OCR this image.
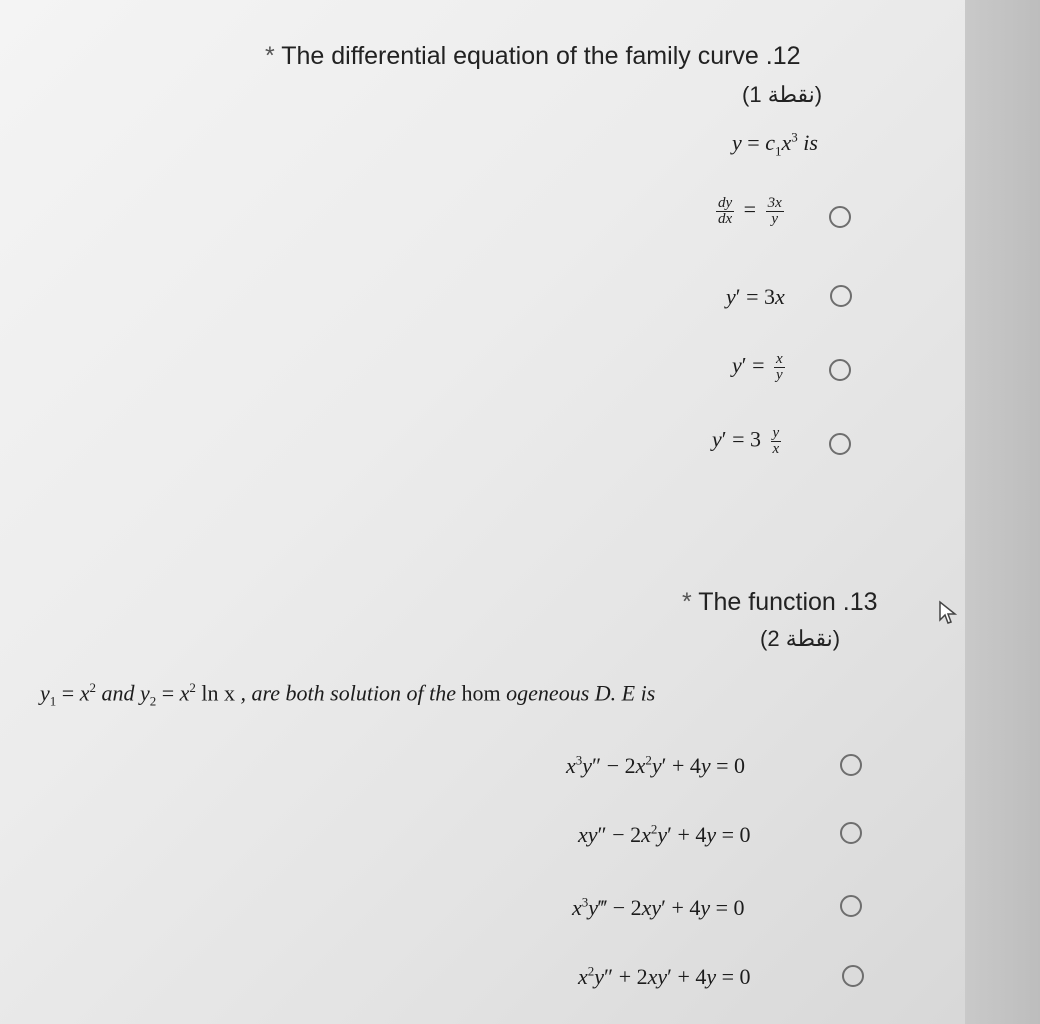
* The differential equation of the family curve .12
(1 نقطة)
$y = c_1x^3$ is
$\frac{dy}{dx} = \frac{3x}{y}$
y′ = 3x
$y' = \frac{x}{y}$
$y' = 3 \frac{y}{x}$
* The function .13
(2 نقطة)
$y_1 = x^2$ and $y_2 = x^2$ ln x , are both solution of the hom ogeneous D. E is
$x^3y'' - 2x^2y' + 4y = 0$
$xy'' - 2x^2y' + 4y = 0$
$x^3y‴ - 2xy' + 4y = 0$
$x^2y'' + 2xy' + 4y = 0$
